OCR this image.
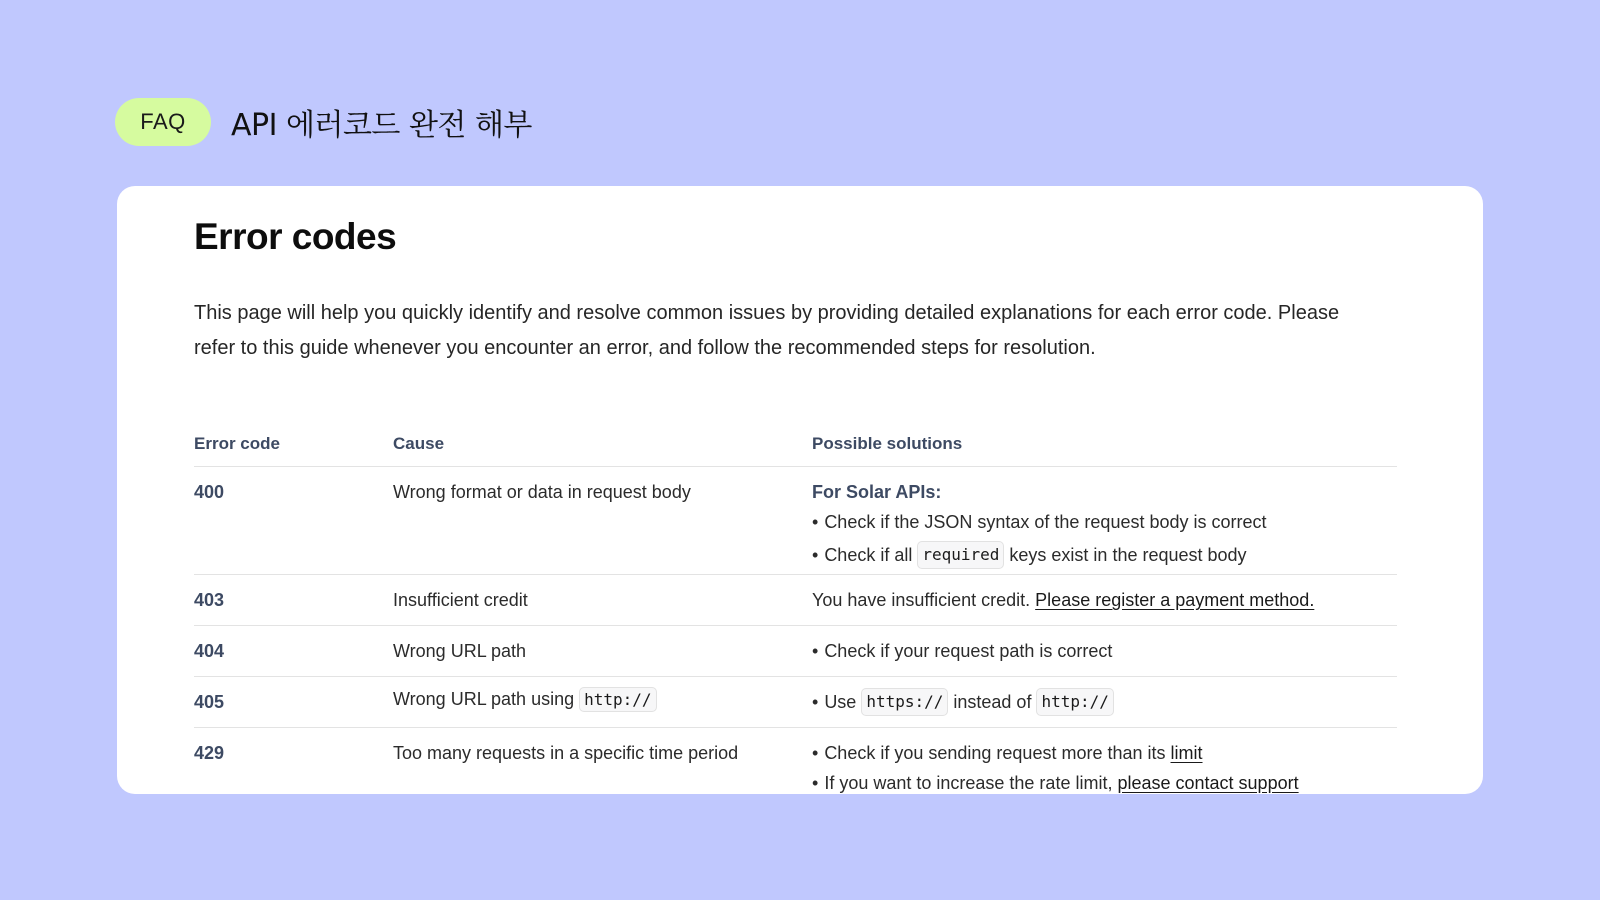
FAQ	API 에러코드 완전 해부
Error codes

This page will help you quickly identify and resolve common issues by providing detailed explanations for each error code. Please refer to this guide whenever you encounter an error, and follow the recommended steps for resolution.

Error code	Cause	Possible solutions
400	Wrong format or data in request body	For Solar APIs:
• Check if the JSON syntax of the request body is correct
• Check if all required keys exist in the request body
403	Insufficient credit	You have insufficient credit.
Please register a payment method.
404	Wrong URL path	• Check if your request path is correct
405	Wrong URL path using http://	• Use https:// instead of http://
429	Too many requests in a specific time period	• Check if you sending request more than its
limit
• If you want to increase the rate limit,
please contact support
